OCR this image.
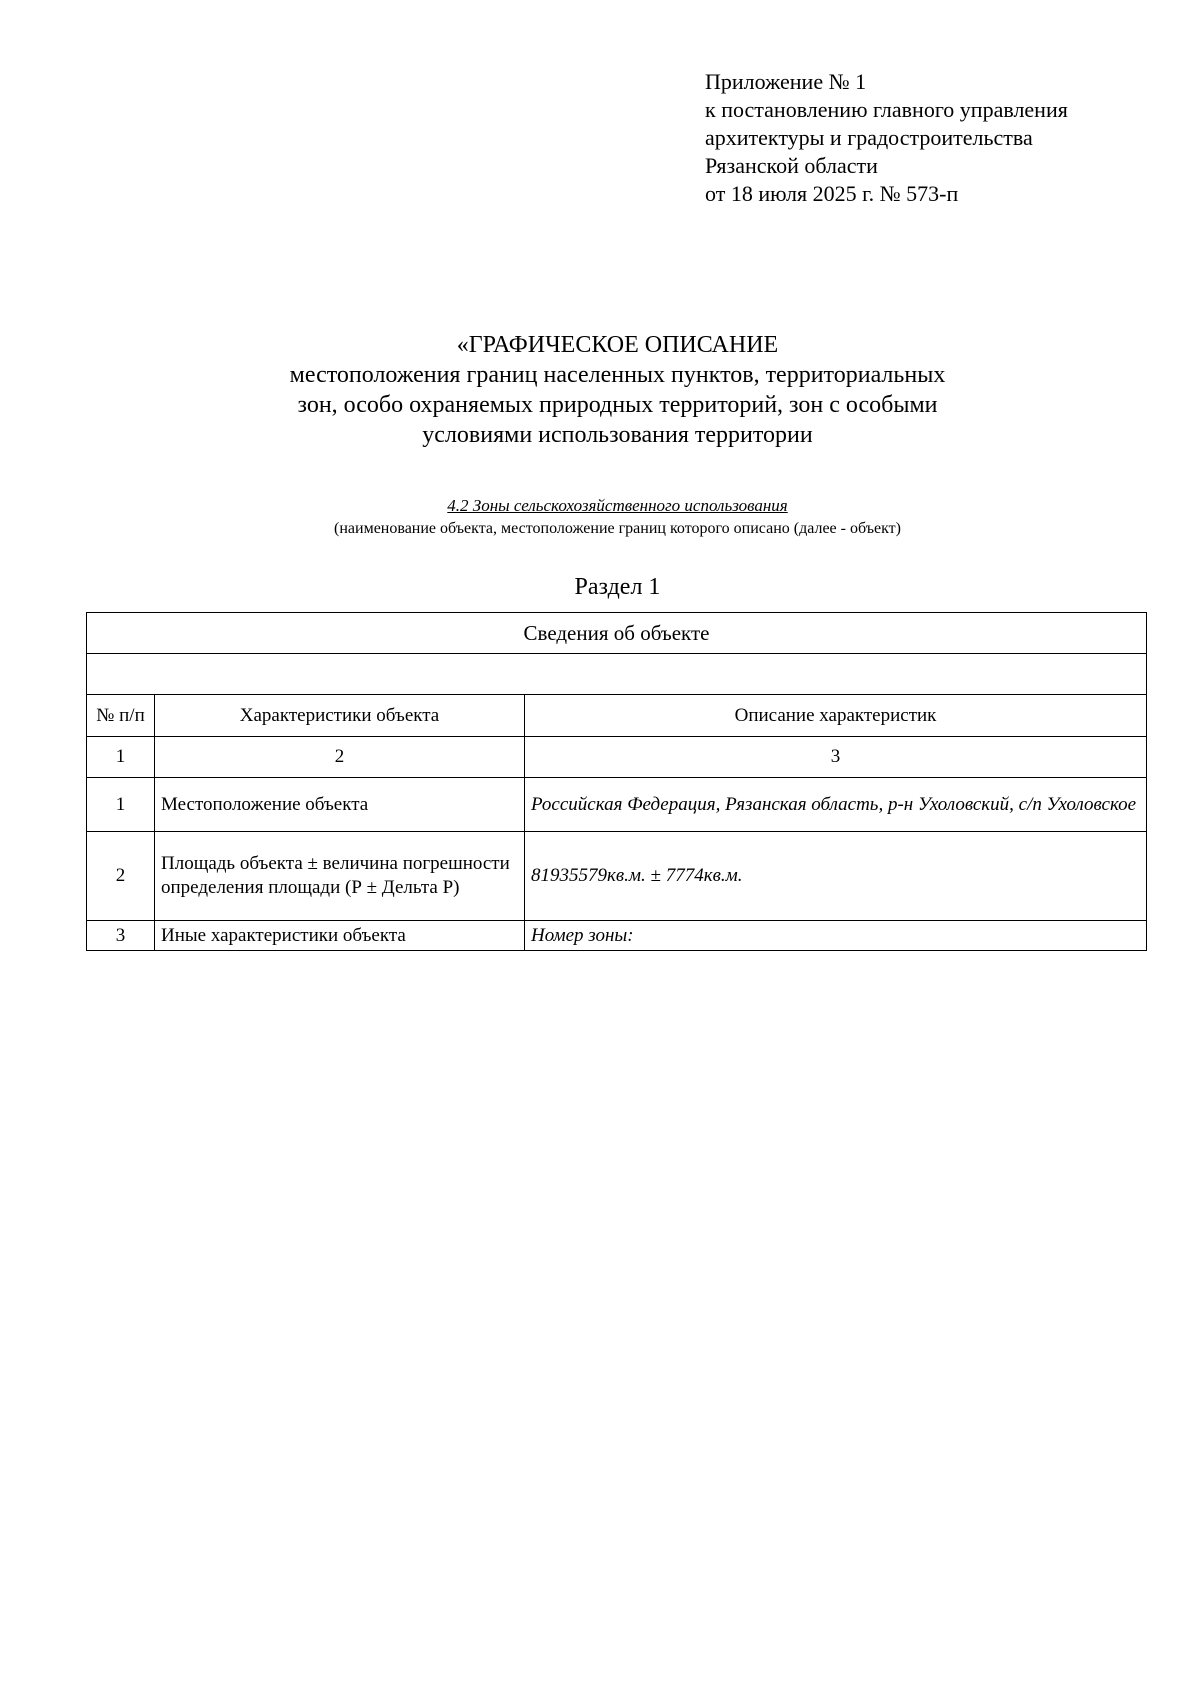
Приложение № 1
к постановлению главного управления
архитектуры и градостроительства
Рязанской области
от 18 июля 2025 г. № 573-п
«ГРАФИЧЕСКОЕ ОПИСАНИЕ
местоположения границ населенных пунктов, территориальных
зон, особо охраняемых природных территорий, зон с особыми
условиями использования территории
4.2 Зоны сельскохозяйственного использования
(наименование объекта, местоположение границ которого описано (далее - объект)
Раздел 1
Сведения об объекте		

№ п/п	Характеристики объекта	Описание характеристик
1	2	3
1	Местоположение объекта	Российская Федерация, Рязанская область, р-н Ухоловский, с/п Ухоловское
2	Площадь объекта ± величина погрешности определения площади (Р ± Дельта Р)	81935579кв.м. ± 7774кв.м.
3	Иные характеристики объекта	Номер зоны:
